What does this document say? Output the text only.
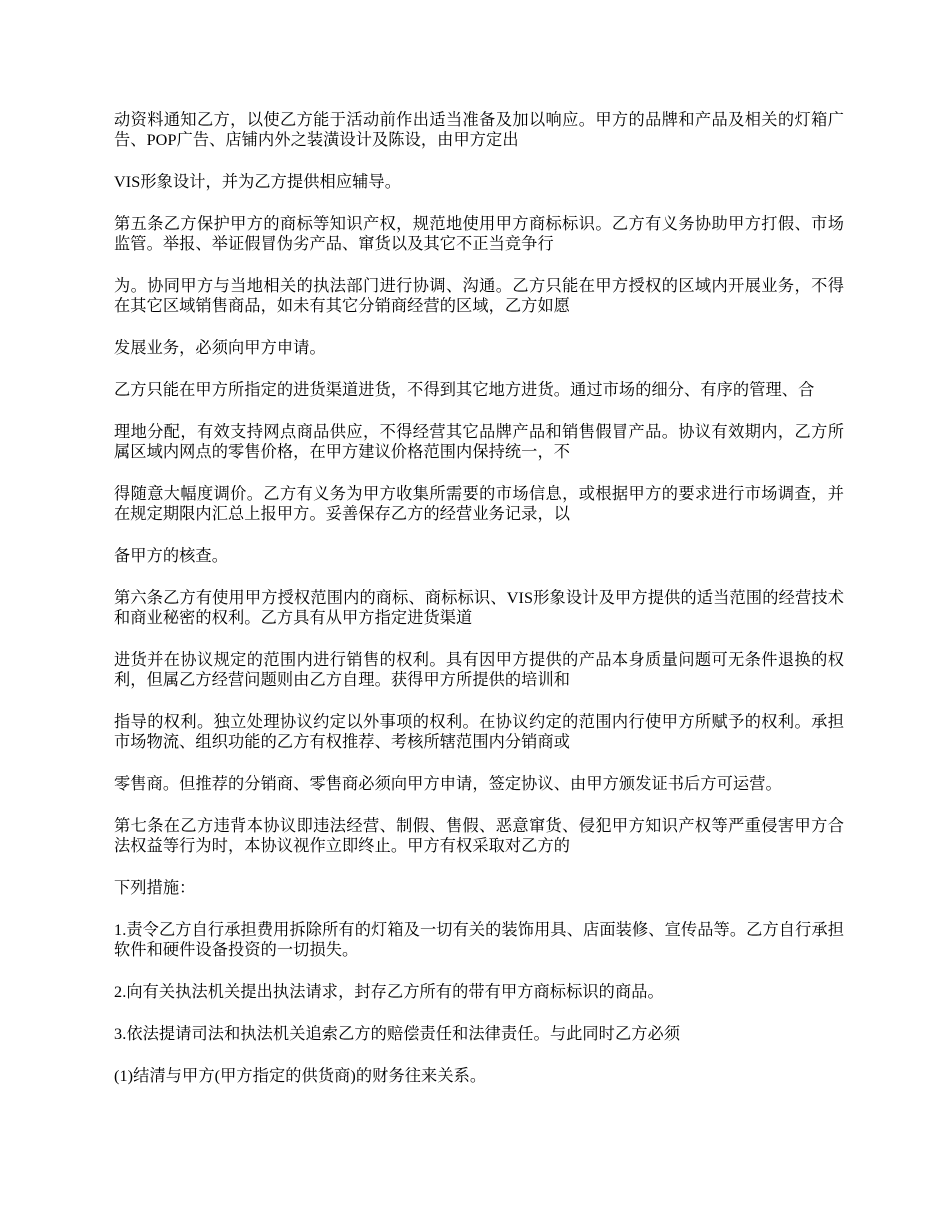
动资料通知乙方，以使乙方能于活动前作出适当准备及加以响应。甲方的品牌和产品及相关的灯箱广告、POP广告、店铺内外之装潢设计及陈设，由甲方定出

VIS形象设计，并为乙方提供相应辅导。

第五条乙方保护甲方的商标等知识产权，规范地使用甲方商标标识。乙方有义务协助甲方打假、市场监管。举报、举证假冒伪劣产品、窜货以及其它不正当竞争行

为。协同甲方与当地相关的执法部门进行协调、沟通。乙方只能在甲方授权的区域内开展业务，不得在其它区域销售商品，如未有其它分销商经营的区域，乙方如愿

发展业务，必须向甲方申请。

乙方只能在甲方所指定的进货渠道进货，不得到其它地方进货。通过市场的细分、有序的管理、合

理地分配，有效支持网点商品供应，不得经营其它品牌产品和销售假冒产品。协议有效期内，乙方所属区域内网点的零售价格，在甲方建议价格范围内保持统一，不

得随意大幅度调价。乙方有义务为甲方收集所需要的市场信息，或根据甲方的要求进行市场调查，并在规定期限内汇总上报甲方。妥善保存乙方的经营业务记录，以

备甲方的核查。

第六条乙方有使用甲方授权范围内的商标、商标标识、VIS形象设计及甲方提供的适当范围的经营技术和商业秘密的权利。乙方具有从甲方指定进货渠道

进货并在协议规定的范围内进行销售的权利。具有因甲方提供的产品本身质量问题可无条件退换的权利，但属乙方经营问题则由乙方自理。获得甲方所提供的培训和

指导的权利。独立处理协议约定以外事项的权利。在协议约定的范围内行使甲方所赋予的权利。承担市场物流、组织功能的乙方有权推荐、考核所辖范围内分销商或

零售商。但推荐的分销商、零售商必须向甲方申请，签定协议、由甲方颁发证书后方可运营。

第七条在乙方违背本协议即违法经营、制假、售假、恶意窜货、侵犯甲方知识产权等严重侵害甲方合法权益等行为时，本协议视作立即终止。甲方有权采取对乙方的

下列措施：

1.责令乙方自行承担费用拆除所有的灯箱及一切有关的装饰用具、店面装修、宣传品等。乙方自行承担软件和硬件设备投资的一切损失。

2.向有关执法机关提出执法请求，封存乙方所有的带有甲方商标标识的商品。

3.依法提请司法和执法机关追索乙方的赔偿责任和法律责任。与此同时乙方必须

(1)结清与甲方(甲方指定的供货商)的财务往来关系。
